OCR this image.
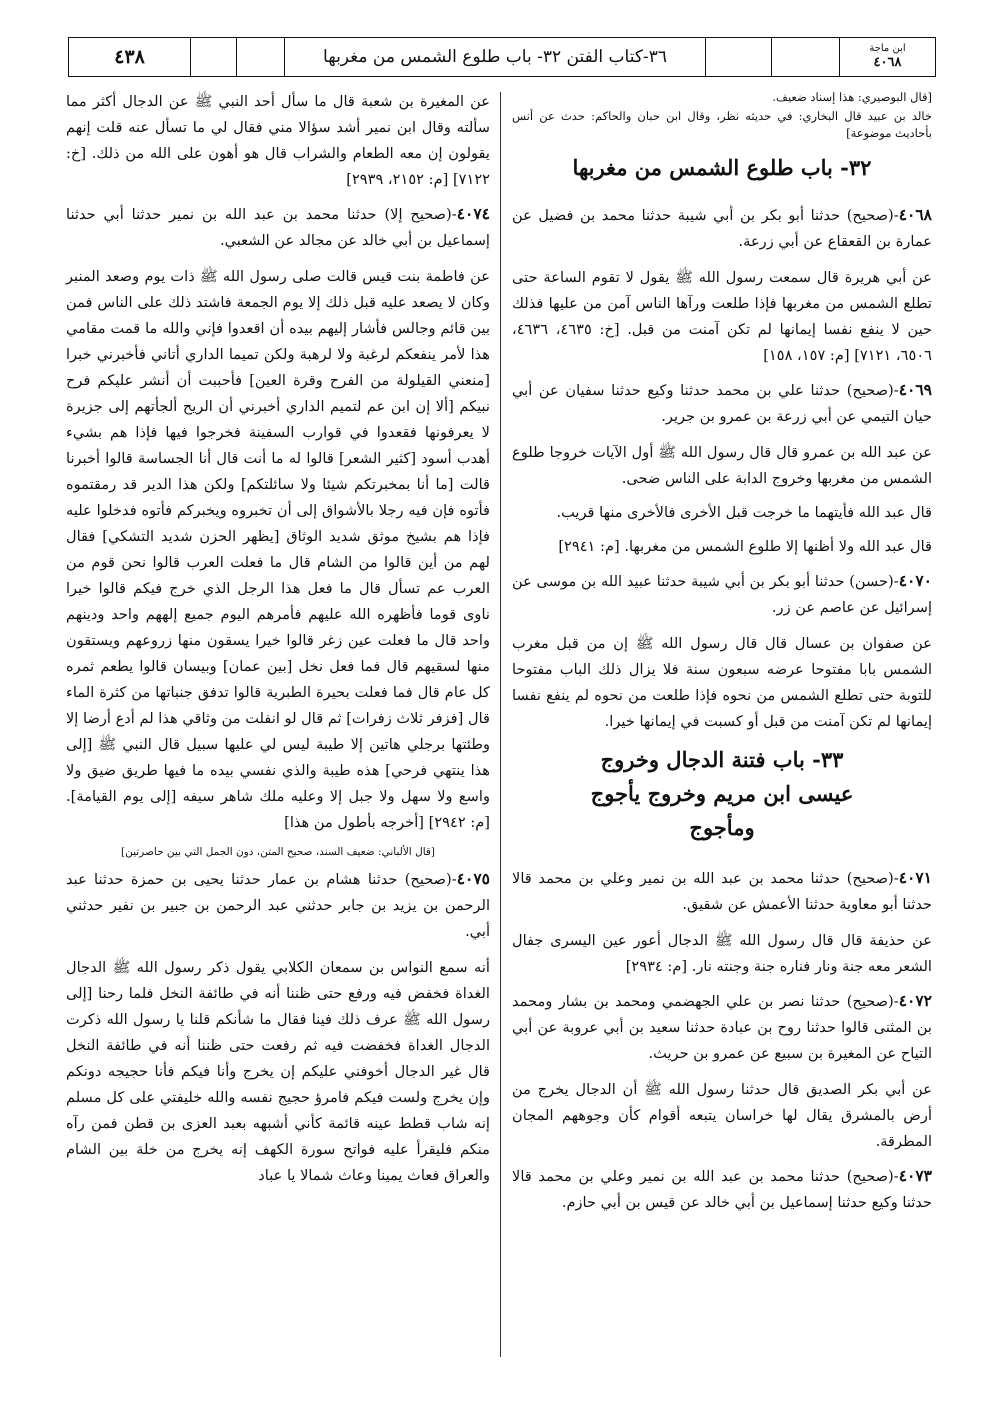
٤٣٨	٣٦-كتاب الفتن ٣٢- باب طلوع الشمس من مغربها	ابن ماجة
٤٠٦٨

[قال البوصيري: هذا إسناد ضعيف.

خالد بن عبيد قال البخاري: في حديثه نظر، وقال ابن حبان والحاكم: حدث عن أنس بأحاديث موضوعة]

٣٢- باب طلوع الشمس من مغربها

٤٠٦٨-(صحيح) حدثنا أبو بكر بن أبي شيبة حدثنا محمد بن فضيل عن عمارة بن القعقاع عن أبي زرعة.

عن أبي هريرة قال سمعت رسول الله ﷺ يقول لا تقوم الساعة حتى تطلع الشمس من مغربها فإذا طلعت ورآها الناس آمن من عليها فذلك حين لا ينفع نفسا إيمانها لم تكن آمنت من قبل. [خ: ٤٦٣٥، ٤٦٣٦، ٦٥٠٦، ٧١٢١] [م: ١٥٧، ١٥٨]

٤٠٦٩-(صحيح) حدثنا علي بن محمد حدثنا وكيع حدثنا سفيان عن أبي حيان التيمي عن أبي زرعة بن عمرو بن جرير.

عن عبد الله بن عمرو قال قال رسول الله ﷺ أول الآيات خروجا طلوع الشمس من مغربها وخروج الدابة على الناس ضحى.

قال عبد الله فأيتهما ما خرجت قبل الأخرى فالأخرى منها قريب.

قال عبد الله ولا أظنها إلا طلوع الشمس من مغربها. [م: ٢٩٤١]

٤٠٧٠-(حسن) حدثنا أبو بكر بن أبي شيبة حدثنا عبيد الله بن موسى عن إسرائيل عن عاصم عن زر.

عن صفوان بن عسال قال قال رسول الله ﷺ إن من قبل مغرب الشمس بابا مفتوحا عرضه سبعون سنة فلا يزال ذلك الباب مفتوحا للتوبة حتى تطلع الشمس من نحوه فإذا طلعت من نحوه لم ينفع نفسا إيمانها لم تكن آمنت من قبل أو كسبت في إيمانها خيرا.

٣٣- باب فتنة الدجال وخروج
عيسى ابن مريم وخروج يأجوج
ومأجوج

٤٠٧١-(صحيح) حدثنا محمد بن عبد الله بن نمير وعلي بن محمد قالا حدثنا أبو معاوية حدثنا الأعمش عن شقيق.

عن حذيفة قال قال رسول الله ﷺ الدجال أعور عين اليسرى جفال الشعر معه جنة ونار فناره جنة وجنته نار. [م: ٢٩٣٤]

٤٠٧٢-(صحيح) حدثنا نصر بن علي الجهضمي ومحمد بن بشار ومحمد بن المثنى قالوا حدثنا روح بن عبادة حدثنا سعيد بن أبي عروبة عن أبي التياح عن المغيرة بن سبيع عن عمرو بن حريث.

عن أبي بكر الصديق قال حدثنا رسول الله ﷺ أن الدجال يخرج من أرض بالمشرق يقال لها خراسان يتبعه أقوام كأن وجوههم المجان المطرقة.

٤٠٧٣-(صحيح) حدثنا محمد بن عبد الله بن نمير وعلي بن محمد قالا حدثنا وكيع حدثنا إسماعيل بن أبي خالد عن قيس بن أبي حازم.

عن المغيرة بن شعبة قال ما سأل أحد النبي ﷺ عن الدجال أكثر مما سألته وقال ابن نمير أشد سؤالا مني فقال لي ما تسأل عنه قلت إنهم يقولون إن معه الطعام والشراب قال هو أهون على الله من ذلك. [خ: ٧١٢٢] [م: ٢١٥٢، ٢٩٣٩]

٤٠٧٤-(صحيح إلا) حدثنا محمد بن عبد الله بن نمير حدثنا أبي حدثنا إسماعيل بن أبي خالد عن مجالد عن الشعبي.

عن فاطمة بنت قيس قالت صلى رسول الله ﷺ ذات يوم وصعد المنبر وكان لا يصعد عليه قبل ذلك إلا يوم الجمعة فاشتد ذلك على الناس فمن بين قائم وجالس فأشار إليهم بيده أن اقعدوا فإني والله ما قمت مقامي هذا لأمر ينفعكم لرغبة ولا لرهبة ولكن تميما الداري أتاني فأخبرني خبرا [منعني القيلولة من الفرح وقرة العين] فأحببت أن أنشر عليكم فرح نبيكم [ألا إن ابن عم لتميم الداري أخبرني أن الريح ألجأتهم إلى جزيرة لا يعرفونها فقعدوا في قوارب السفينة فخرجوا فيها فإذا هم بشيء أهدب أسود [كثير الشعر] قالوا له ما أنت قال أنا الجساسة قالوا أخبرنا قالت [ما أنا بمخبرتكم شيئا ولا سائلتكم] ولكن هذا الدير قد رمقتموه فأتوه فإن فيه رجلا بالأشواق إلى أن تخبروه ويخبركم فأتوه فدخلوا عليه فإذا هم بشيخ موثق شديد الوثاق [يظهر الحزن شديد التشكي] فقال لهم من أين قالوا من الشام قال ما فعلت العرب قالوا نحن قوم من العرب عم تسأل قال ما فعل هذا الرجل الذي خرج فيكم قالوا خيرا ناوى قوما فأظهره الله عليهم فأمرهم اليوم جميع إلههم واحد ودينهم واحد قال ما فعلت عين زغر قالوا خيرا يسقون منها زروعهم ويستقون منها لسقيهم قال فما فعل نخل [بين عمان] وبيسان قالوا يطعم ثمره كل عام قال فما فعلت بحيرة الطبرية قالوا تدفق جنباتها من كثرة الماء قال [فزفر ثلاث زفرات] ثم قال لو انفلت من وثاقي هذا لم أدع أرضا إلا وطئتها برجلي هاتين إلا طيبة ليس لي عليها سبيل قال النبي ﷺ [إلى هذا ينتهي فرحي] هذه طيبة والذي نفسي بيده ما فيها طريق ضيق ولا واسع ولا سهل ولا جبل إلا وعليه ملك شاهر سيفه [إلى يوم القيامة]. [م: ٢٩٤٢] [أخرجه بأطول من هذا]

[قال الألباني: ضعيف السند، صحيح المتن، دون الجمل التي بين حاصرتين]

٤٠٧٥-(صحيح) حدثنا هشام بن عمار حدثنا يحيى بن حمزة حدثنا عبد الرحمن بن يزيد بن جابر حدثني عبد الرحمن بن جبير بن نفير حدثني أبي.

أنه سمع النواس بن سمعان الكلابي يقول ذكر رسول الله ﷺ الدجال الغداة فخفض فيه ورفع حتى ظننا أنه في طائفة النخل فلما رحنا [إلى رسول الله ﷺ عرف ذلك فينا فقال ما شأنكم قلنا يا رسول الله ذكرت الدجال الغداة فخفضت فيه ثم رفعت حتى ظننا أنه في طائفة النخل قال غير الدجال أخوفني عليكم إن يخرج وأنا فيكم فأنا حجيجه دونكم وإن يخرج ولست فيكم فامرؤ حجيج نفسه والله خليفتي على كل مسلم إنه شاب قطط عينه قائمة كأني أشبهه بعبد العزى بن قطن فمن رآه منكم فليقرأ عليه فواتح سورة الكهف إنه يخرج من خلة بين الشام والعراق فعاث يمينا وعاث شمالا يا عباد
